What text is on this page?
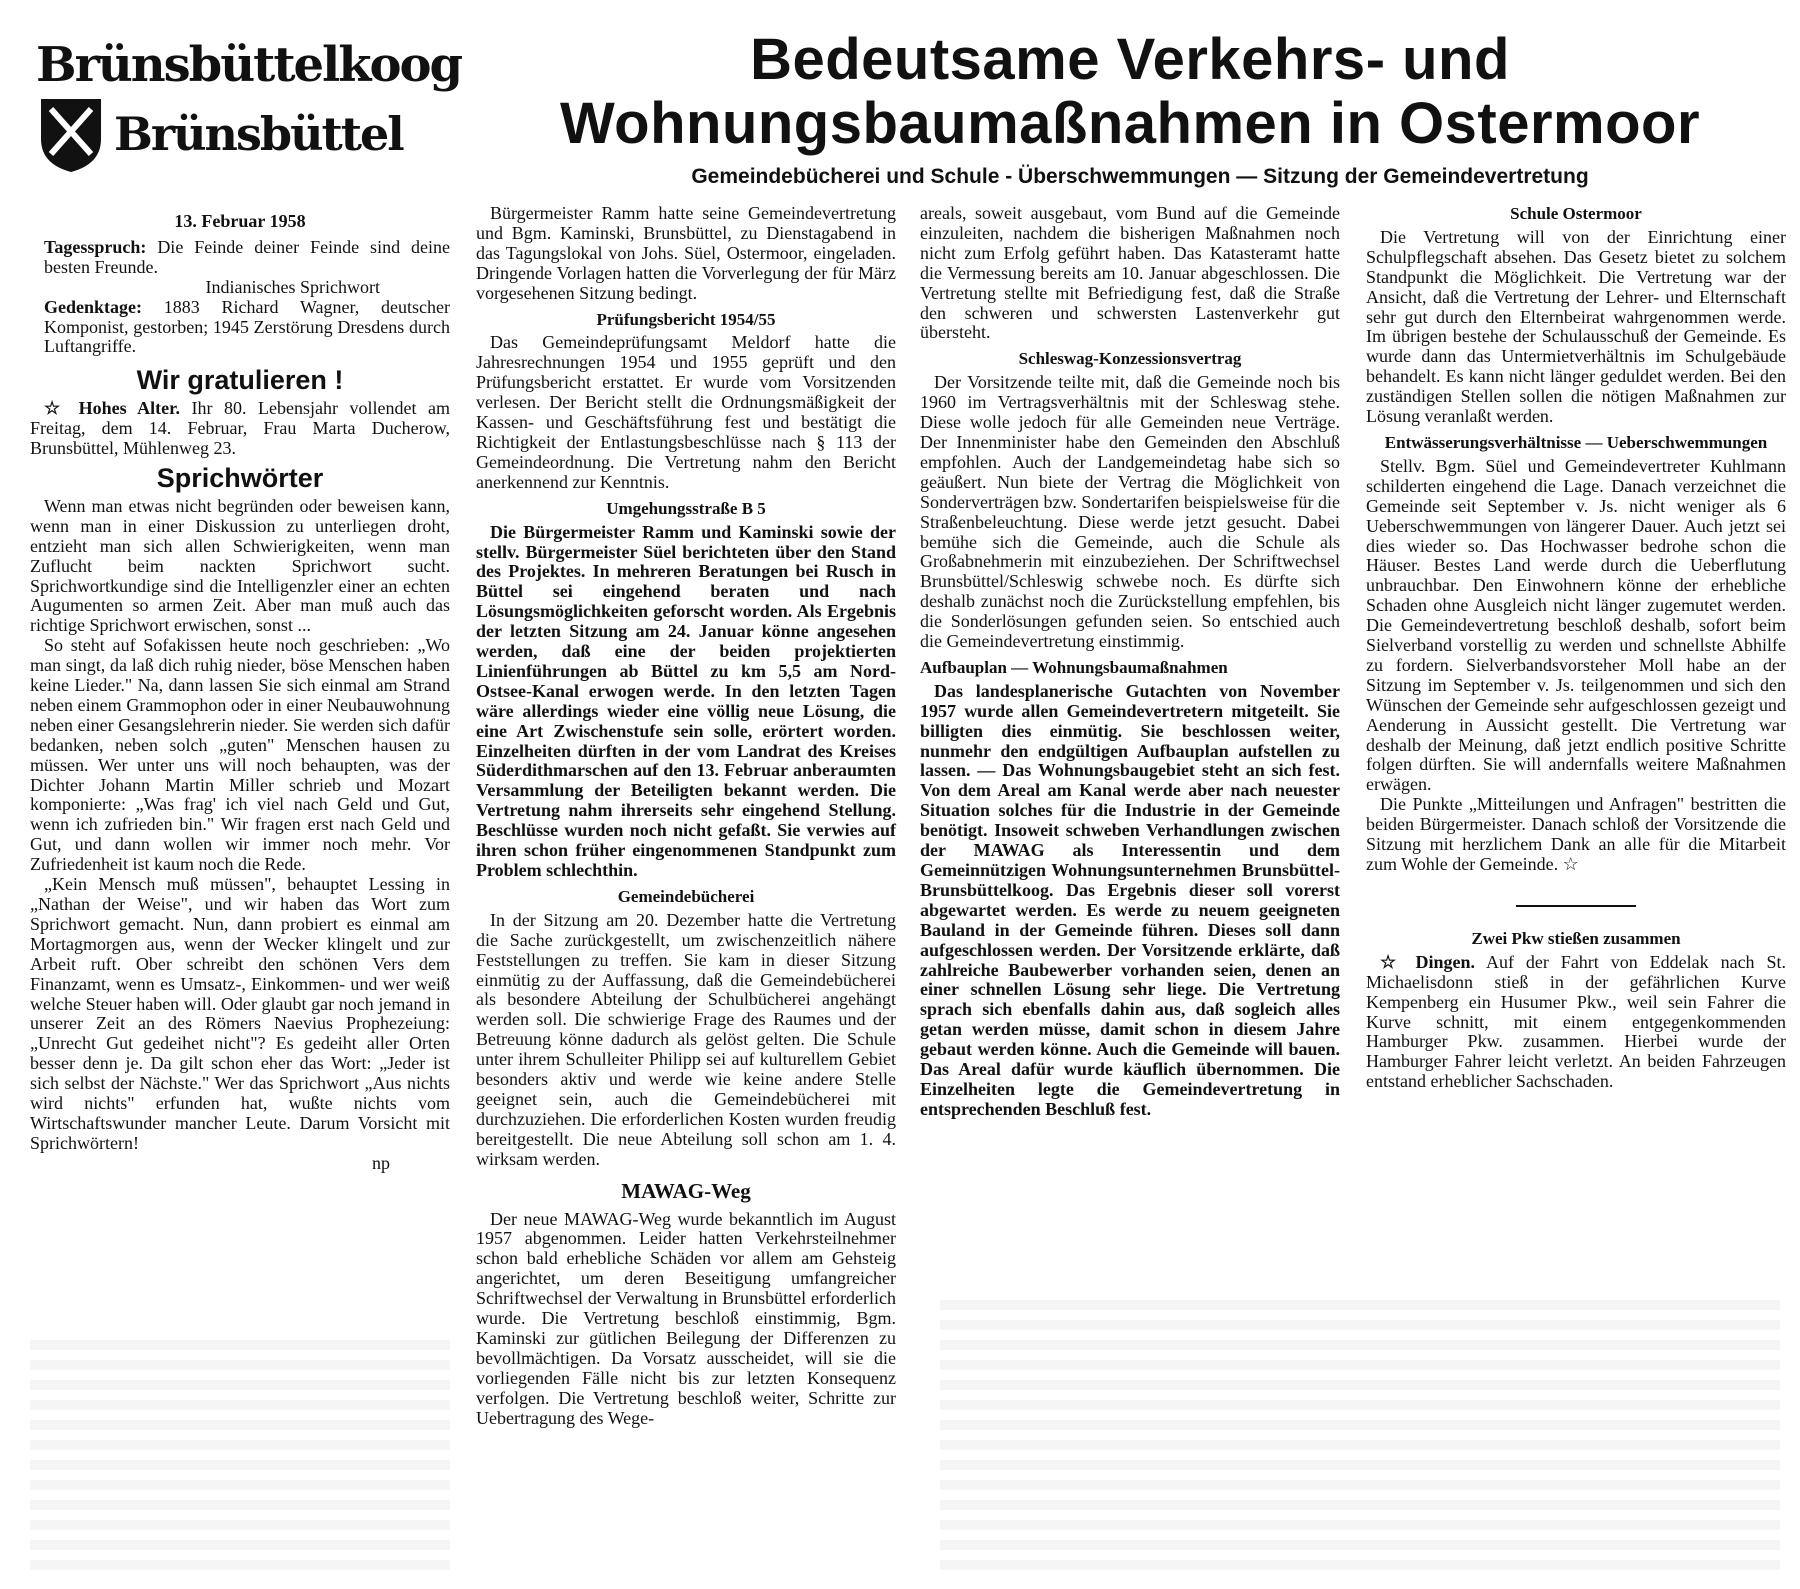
Brünsbüttelkoog
Brünsbüttel
Bedeutsame Verkehrs- und
Wohnungsbaumaßnahmen in Ostermoor
Gemeindebücherei und Schule - Überschwemmungen — Sitzung der Gemeindevertretung
13. Februar 1958

Tagesspruch: Die Feinde deiner Feinde sind deine besten Freunde.

Indianisches Sprichwort

Gedenktage: 1883 Richard Wagner, deutscher Komponist, gestorben; 1945 Zerstörung Dresdens durch Luftangriffe.

Wir gratulieren !

☆ Hohes Alter. Ihr 80. Lebensjahr vollendet am Freitag, dem 14. Februar, Frau Marta Ducherow, Brunsbüttel, Mühlenweg 23.

Sprichwörter

Wenn man etwas nicht begründen oder beweisen kann, wenn man in einer Diskussion zu unterliegen droht, entzieht man sich allen Schwierigkeiten, wenn man Zuflucht beim nackten Sprichwort sucht. Sprichwortkundige sind die Intelligenzler einer an echten Augumenten so armen Zeit. Aber man muß auch das richtige Sprichwort erwischen, sonst ...

So steht auf Sofakissen heute noch geschrieben: „Wo man singt, da laß dich ruhig nieder, böse Menschen haben keine Lieder." Na, dann lassen Sie sich einmal am Strand neben einem Grammophon oder in einer Neubauwohnung neben einer Gesangslehrerin nieder. Sie werden sich dafür bedanken, neben solch „guten" Menschen hausen zu müssen. Wer unter uns will noch behaupten, was der Dichter Johann Martin Miller schrieb und Mozart komponierte: „Was frag' ich viel nach Geld und Gut, wenn ich zufrieden bin." Wir fragen erst nach Geld und Gut, und dann wollen wir immer noch mehr. Vor Zufriedenheit ist kaum noch die Rede.

„Kein Mensch muß müssen", behauptet Lessing in „Nathan der Weise", und wir haben das Wort zum Sprichwort gemacht. Nun, dann probiert es einmal am Mortagmorgen aus, wenn der Wecker klingelt und zur Arbeit ruft. Ober schreibt den schönen Vers dem Finanzamt, wenn es Umsatz-, Einkommen- und wer weiß welche Steuer haben will. Oder glaubt gar noch jemand in unserer Zeit an des Römers Naevius Prophezeiung: „Unrecht Gut gedeihet nicht"? Es gedeiht aller Orten besser denn je. Da gilt schon eher das Wort: „Jeder ist sich selbst der Nächste." Wer das Sprichwort „Aus nichts wird nichts" erfunden hat, wußte nichts vom Wirtschaftswunder mancher Leute. Darum Vorsicht mit Sprichwörtern!

np

Bürgermeister Ramm hatte seine Gemeindevertretung und Bgm. Kaminski, Brunsbüttel, zu Dienstagabend in das Tagungslokal von Johs. Süel, Ostermoor, eingeladen. Dringende Vorlagen hatten die Vorverlegung der für März vorgesehenen Sitzung bedingt.

Prüfungsbericht 1954/55

Das Gemeindeprüfungsamt Meldorf hatte die Jahresrechnungen 1954 und 1955 geprüft und den Prüfungsbericht erstattet. Er wurde vom Vorsitzenden verlesen. Der Bericht stellt die Ordnungsmäßigkeit der Kassen- und Geschäftsführung fest und bestätigt die Richtigkeit der Entlastungsbeschlüsse nach § 113 der Gemeindeordnung. Die Vertretung nahm den Bericht anerkennend zur Kenntnis.

Umgehungsstraße B 5

Die Bürgermeister Ramm und Kaminski sowie der stellv. Bürgermeister Süel berichteten über den Stand des Projektes. In mehreren Beratungen bei Rusch in Büttel sei eingehend beraten und nach Lösungsmöglichkeiten geforscht worden. Als Ergebnis der letzten Sitzung am 24. Januar könne angesehen werden, daß eine der beiden projektierten Linienführungen ab Büttel zu km 5,5 am Nord-Ostsee-Kanal erwogen werde. In den letzten Tagen wäre allerdings wieder eine völlig neue Lösung, die eine Art Zwischenstufe sein solle, erörtert worden. Einzelheiten dürften in der vom Landrat des Kreises Süderdithmarschen auf den 13. Februar anberaumten Versammlung der Beteiligten bekannt werden. Die Vertretung nahm ihrerseits sehr eingehend Stellung. Beschlüsse wurden noch nicht gefaßt. Sie verwies auf ihren schon früher eingenommenen Standpunkt zum Problem schlechthin.

Gemeindebücherei

In der Sitzung am 20. Dezember hatte die Vertretung die Sache zurückgestellt, um zwischenzeitlich nähere Feststellungen zu treffen. Sie kam in dieser Sitzung einmütig zu der Auffassung, daß die Gemeindebücherei als besondere Abteilung der Schulbücherei angehängt werden soll. Die schwierige Frage des Raumes und der Betreuung könne dadurch als gelöst gelten. Die Schule unter ihrem Schulleiter Philipp sei auf kulturellem Gebiet besonders aktiv und werde wie keine andere Stelle geeignet sein, auch die Gemeindebücherei mit durchzuziehen. Die erforderlichen Kosten wurden freudig bereitgestellt. Die neue Abteilung soll schon am 1. 4. wirksam werden.

MAWAG-Weg

Der neue MAWAG-Weg wurde bekanntlich im August 1957 abgenommen. Leider hatten Verkehrsteilnehmer schon bald erhebliche Schäden vor allem am Gehsteig angerichtet, um deren Beseitigung umfangreicher Schriftwechsel der Verwaltung in Brunsbüttel erforderlich wurde. Die Vertretung beschloß einstimmig, Bgm. Kaminski zur gütlichen Beilegung der Differenzen zu bevollmächtigen. Da Vorsatz ausscheidet, will sie die vorliegenden Fälle nicht bis zur letzten Konsequenz verfolgen. Die Vertretung beschloß weiter, Schritte zur Uebertragung des Wege-

areals, soweit ausgebaut, vom Bund auf die Gemeinde einzuleiten, nachdem die bisherigen Maßnahmen noch nicht zum Erfolg geführt haben. Das Katasteramt hatte die Vermessung bereits am 10. Januar abgeschlossen. Die Vertretung stellte mit Befriedigung fest, daß die Straße den schweren und schwersten Lastenverkehr gut übersteht.

Schleswag-Konzessionsvertrag

Der Vorsitzende teilte mit, daß die Gemeinde noch bis 1960 im Vertragsverhältnis mit der Schleswag stehe. Diese wolle jedoch für alle Gemeinden neue Verträge. Der Innenminister habe den Gemeinden den Abschluß empfohlen. Auch der Landgemeindetag habe sich so geäußert. Nun biete der Vertrag die Möglichkeit von Sonderverträgen bzw. Sondertarifen beispielsweise für die Straßenbeleuchtung. Diese werde jetzt gesucht. Dabei bemühe sich die Gemeinde, auch die Schule als Großabnehmerin mit einzubeziehen. Der Schriftwechsel Brunsbüttel/Schleswig schwebe noch. Es dürfte sich deshalb zunächst noch die Zurückstellung empfehlen, bis die Sonderlösungen gefunden seien. So entschied auch die Gemeindevertretung einstimmig.

Aufbauplan — Wohnungsbaumaßnahmen

Das landesplanerische Gutachten von November 1957 wurde allen Gemeindevertretern mitgeteilt. Sie billigten dies einmütig. Sie beschlossen weiter, nunmehr den endgültigen Aufbauplan aufstellen zu lassen. — Das Wohnungsbaugebiet steht an sich fest. Von dem Areal am Kanal werde aber nach neuester Situation solches für die Industrie in der Gemeinde benötigt. Insoweit schweben Verhandlungen zwischen der MAWAG als Interessentin und dem Gemeinnützigen Wohnungsunternehmen Brunsbüttel-Brunsbüttelkoog. Das Ergebnis dieser soll vorerst abgewartet werden. Es werde zu neuem geeigneten Bauland in der Gemeinde führen. Dieses soll dann aufgeschlossen werden. Der Vorsitzende erklärte, daß zahlreiche Baubewerber vorhanden seien, denen an einer schnellen Lösung sehr liege. Die Vertretung sprach sich ebenfalls dahin aus, daß sogleich alles getan werden müsse, damit schon in diesem Jahre gebaut werden könne. Auch die Gemeinde will bauen. Das Areal dafür wurde käuflich übernommen. Die Einzelheiten legte die Gemeindevertretung in entsprechenden Beschluß fest.

Schule Ostermoor

Die Vertretung will von der Einrichtung einer Schulpflegschaft absehen. Das Gesetz bietet zu solchem Standpunkt die Möglichkeit. Die Vertretung war der Ansicht, daß die Vertretung der Lehrer- und Elternschaft sehr gut durch den Elternbeirat wahrgenommen werde. Im übrigen bestehe der Schulausschuß der Gemeinde. Es wurde dann das Untermietverhältnis im Schulgebäude behandelt. Es kann nicht länger geduldet werden. Bei den zuständigen Stellen sollen die nötigen Maßnahmen zur Lösung veranlaßt werden.

Entwässerungsverhältnisse — Ueberschwemmungen

Stellv. Bgm. Süel und Gemeindevertreter Kuhlmann schilderten eingehend die Lage. Danach verzeichnet die Gemeinde seit September v. Js. nicht weniger als 6 Ueberschwemmungen von längerer Dauer. Auch jetzt sei dies wieder so. Das Hochwasser bedrohe schon die Häuser. Bestes Land werde durch die Ueberflutung unbrauchbar. Den Einwohnern könne der erhebliche Schaden ohne Ausgleich nicht länger zugemutet werden. Die Gemeindevertretung beschloß deshalb, sofort beim Sielverband vorstellig zu werden und schnellste Abhilfe zu fordern. Sielverbandsvorsteher Moll habe an der Sitzung im September v. Js. teilgenommen und sich den Wünschen der Gemeinde sehr aufgeschlossen gezeigt und Aenderung in Aussicht gestellt. Die Vertretung war deshalb der Meinung, daß jetzt endlich positive Schritte folgen dürften. Sie will andernfalls weitere Maßnahmen erwägen.

Die Punkte „Mitteilungen und Anfragen" bestritten die beiden Bürgermeister. Danach schloß der Vorsitzende die Sitzung mit herzlichem Dank an alle für die Mitarbeit zum Wohle der Gemeinde. ☆

Zwei Pkw stießen zusammen

☆ Dingen. Auf der Fahrt von Eddelak nach St. Michaelisdonn stieß in der gefährlichen Kurve Kempenberg ein Husumer Pkw., weil sein Fahrer die Kurve schnitt, mit einem entgegenkommenden Hamburger Pkw. zusammen. Hierbei wurde der Hamburger Fahrer leicht verletzt. An beiden Fahrzeugen entstand erheblicher Sachschaden.
